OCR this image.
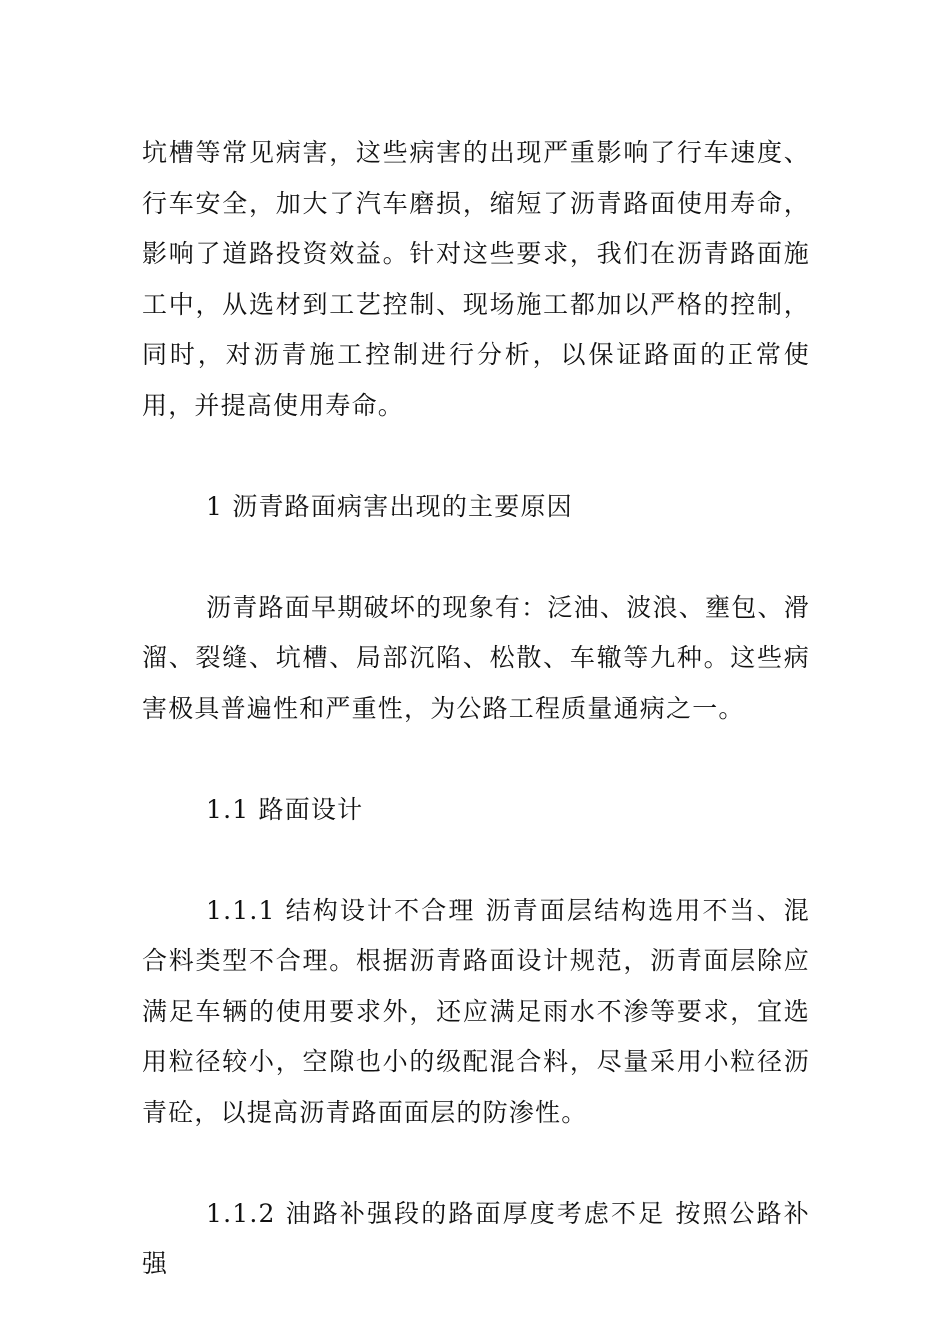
坑槽等常见病害，这些病害的出现严重影响了行车速度、行车安全，加大了汽车磨损，缩短了沥青路面使用寿命，影响了道路投资效益。针对这些要求，我们在沥青路面施工中，从选材到工艺控制、现场施工都加以严格的控制，同时，对沥青施工控制进行分析，以保证路面的正常使用，并提高使用寿命。

1 沥青路面病害出现的主要原因

沥青路面早期破坏的现象有：泛油、波浪、壅包、滑溜、裂缝、坑槽、局部沉陷、松散、车辙等九种。这些病害极具普遍性和严重性，为公路工程质量通病之一。

1.1 路面设计

1.1.1 结构设计不合理 沥青面层结构选用不当、混合料类型不合理。根据沥青路面设计规范，沥青面层除应满足车辆的使用要求外，还应满足雨水不渗等要求，宜选用粒径较小，空隙也小的级配混合料，尽量采用小粒径沥青砼，以提高沥青路面面层的防渗性。

1.1.2 油路补强段的路面厚度考虑不足 按照公路补强
